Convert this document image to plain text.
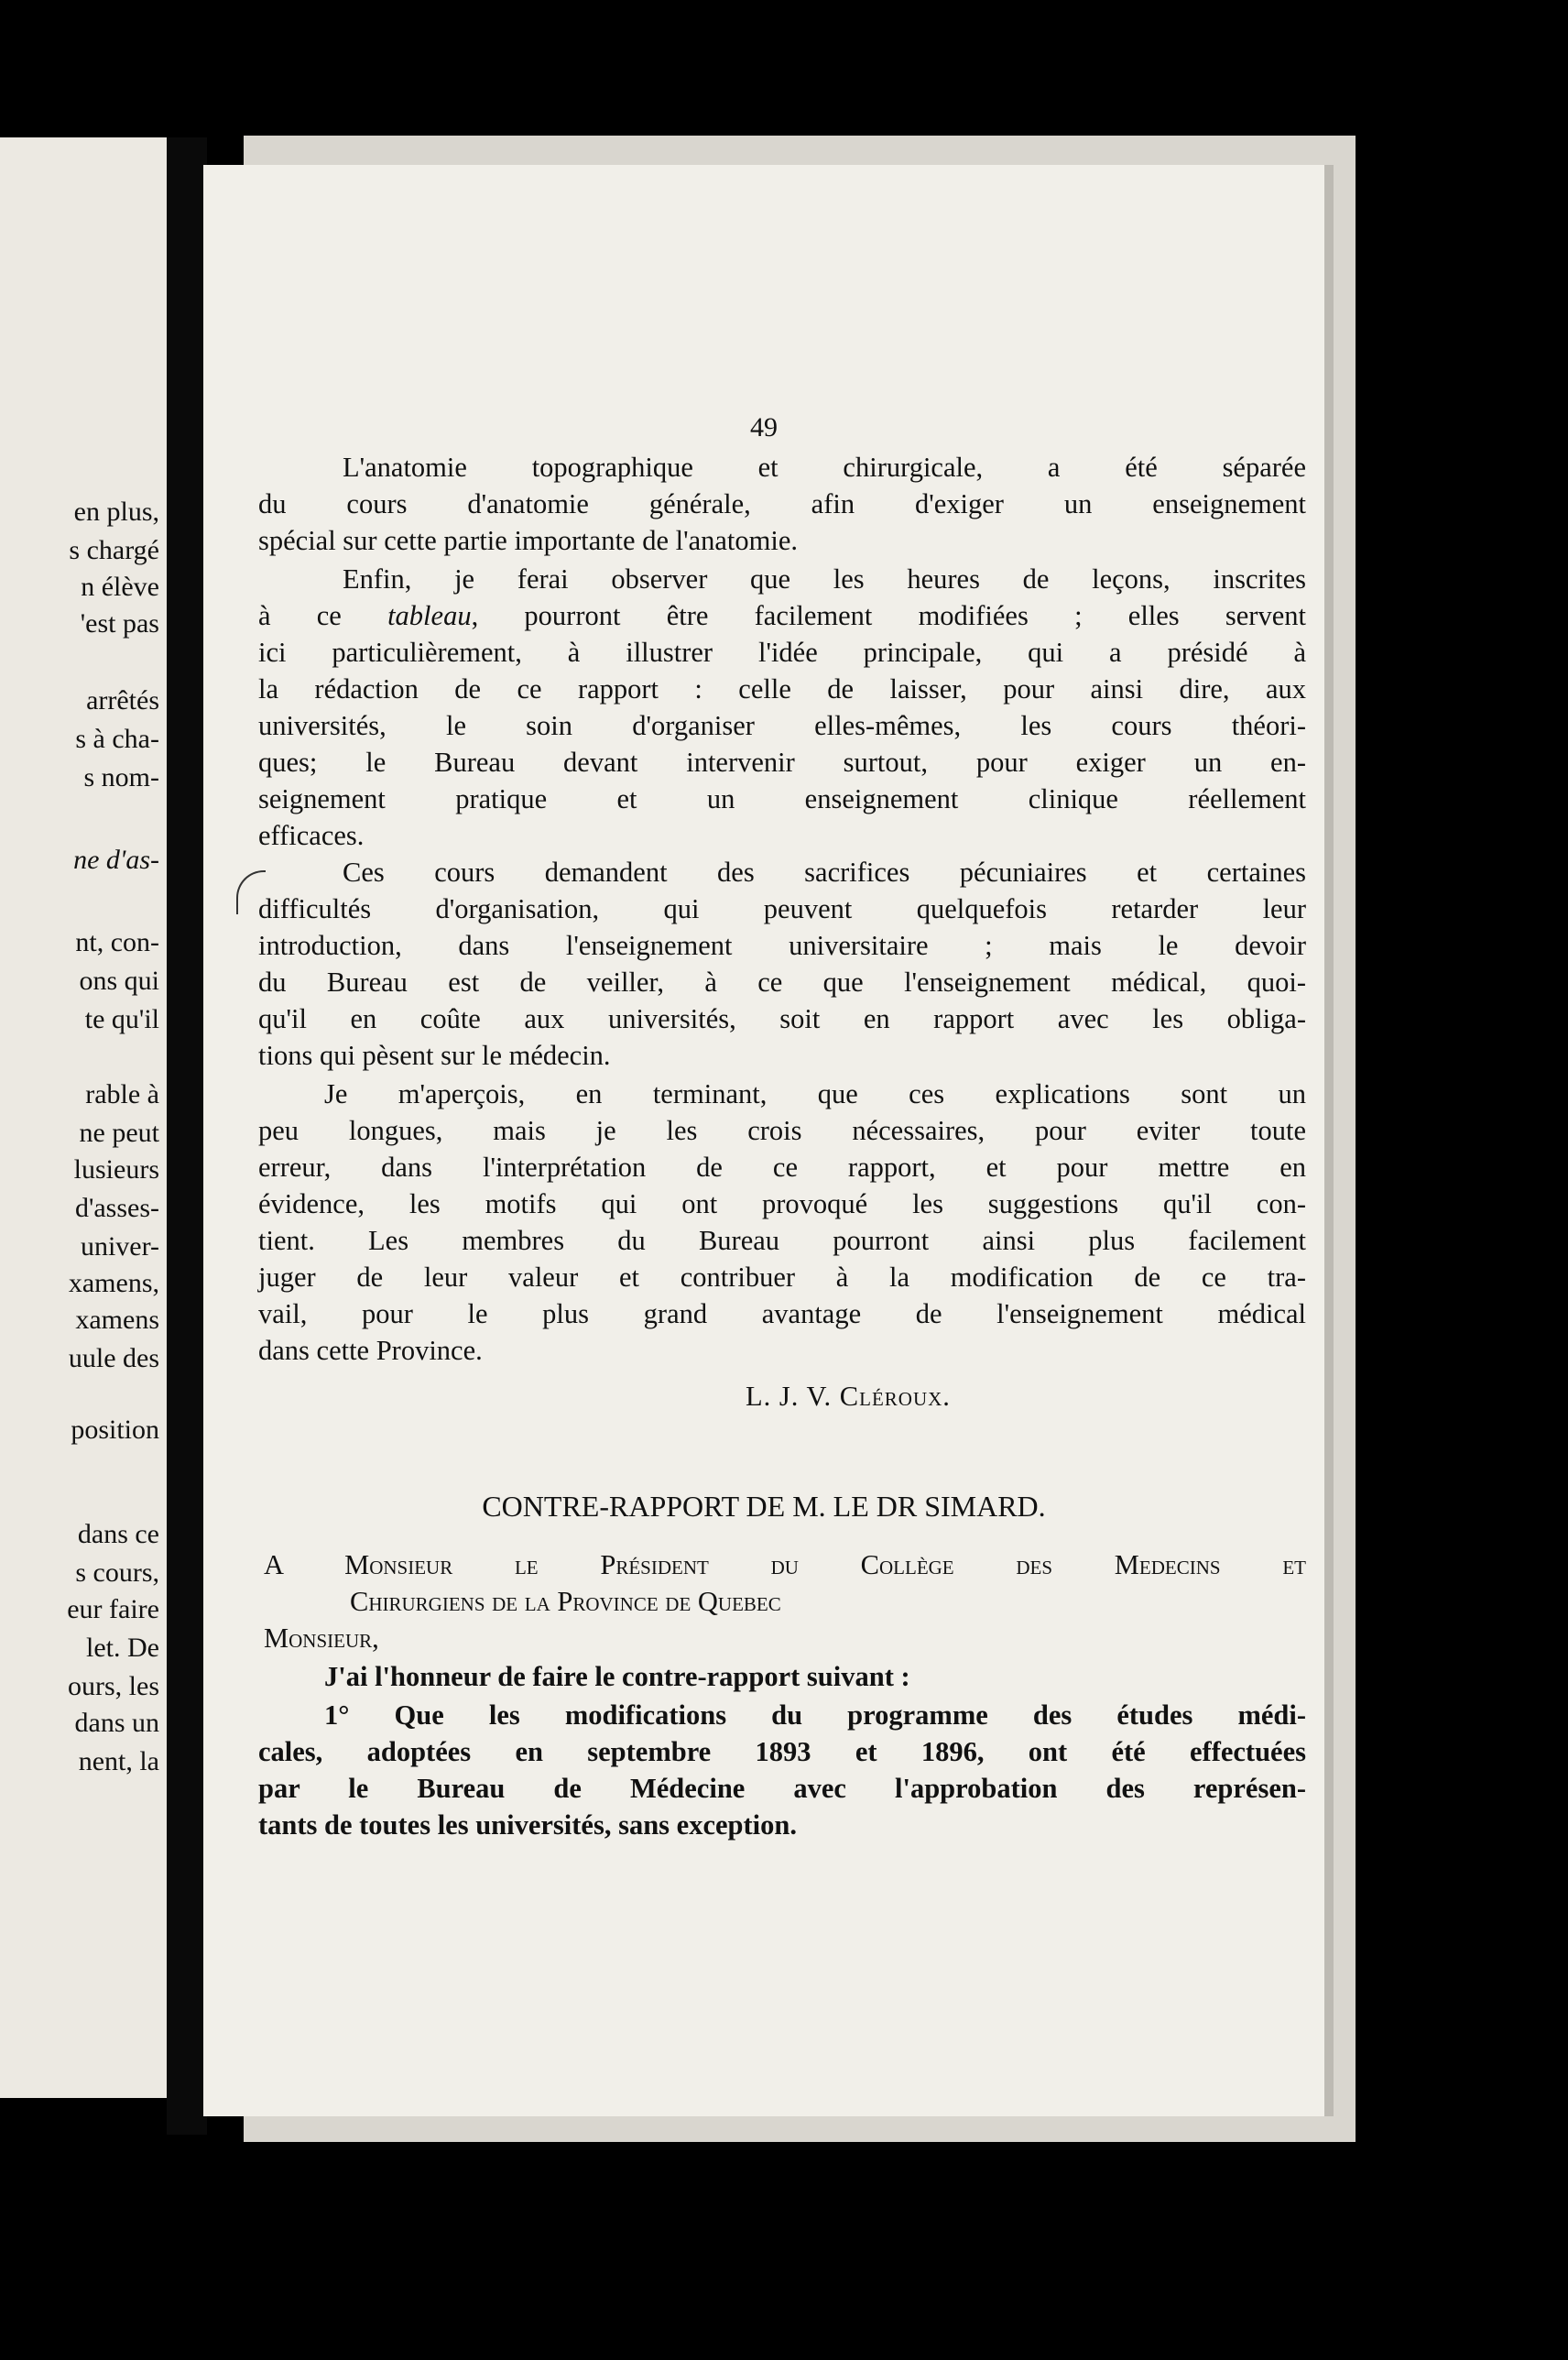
en plus,
s chargé
n élève
'est pas
arrêtés
s à cha-
s nom-
ne d'as-
nt, con-
ons qui
te qu'il
rable à
ne peut
lusieurs
d'asses-
univer-
xamens,
xamens
uule des
position
dans ce
s cours,
eur faire
let. De
ours, les
dans un
nent, la
49
L'anatomie topographique et chirurgicale, a été séparée
du cours d'anatomie générale, afin d'exiger un enseignement
spécial sur cette partie importante de l'anatomie.
Enfin, je ferai observer que les heures de leçons, inscrites
à ce tableau, pourront être facilement modifiées ; elles servent
ici particulièrement, à illustrer l'idée principale, qui a présidé à
la rédaction de ce rapport : celle de laisser, pour ainsi dire, aux
universités, le soin d'organiser elles-mêmes, les cours théori-
ques; le Bureau devant intervenir surtout, pour exiger un en-
seignement pratique et un enseignement clinique réellement
efficaces.
Ces cours demandent des sacrifices pécuniaires et certaines
difficultés d'organisation, qui peuvent quelquefois retarder leur
introduction, dans l'enseignement universitaire ; mais le devoir
du Bureau est de veiller, à ce que l'enseignement médical, quoi-
qu'il en coûte aux universités, soit en rapport avec les obliga-
tions qui pèsent sur le médecin.
Je m'aperçois, en terminant, que ces explications sont un
peu longues, mais je les crois nécessaires, pour eviter toute
erreur, dans l'interprétation de ce rapport, et pour mettre en
évidence, les motifs qui ont provoqué les suggestions qu'il con-
tient. Les membres du Bureau pourront ainsi plus facilement
juger de leur valeur et contribuer à la modification de ce tra-
vail, pour le plus grand avantage de l'enseignement médical
dans cette Province.
L. J. V. Cléroux.
CONTRE-RAPPORT DE M. LE DR SIMARD.
A Monsieur le Président du Collège des Medecins et
Chirurgiens de la Province de Quebec
Monsieur,
J'ai l'honneur de faire le contre-rapport suivant :
1° Que les modifications du programme des études médi-
cales, adoptées en septembre 1893 et 1896, ont été effectuées
par le Bureau de Médecine avec l'approbation des représen-
tants de toutes les universités, sans exception.
